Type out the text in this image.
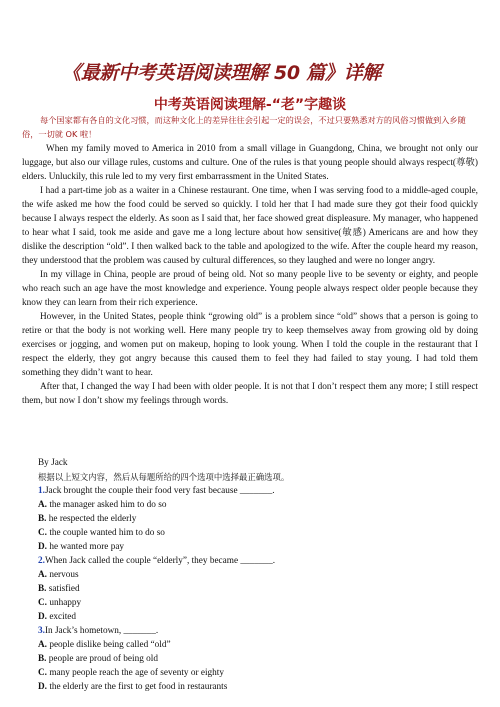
《最新中考英语阅读理解 50 篇》详解
中考英语阅读理解-“老”字趣谈

每个国家都有各自的文化习惯，而这种文化上的差异往往会引起一定的误会，不过只要熟悉对方的风俗习惯做到入乡随俗，一切就 OK 啦！

When my family moved to America in 2010 from a small village in Guangdong, China, we brought not only our luggage, but also our village rules, customs and culture. One of the rules is that young people should always respect(尊敬) elders. Unluckily, this rule led to my very first embarrassment in the United States.

I had a part-time job as a waiter in a Chinese restaurant. One time, when I was serving food to a middle-aged couple, the wife asked me how the food could be served so quickly. I told her that I had made sure they got their food quickly because I always respect the elderly. As soon as I said that, her face showed great displeasure. My manager, who happened to hear what I said, took me aside and gave me a long lecture about how sensitive(敏感) Americans are and how they dislike the description “old”. I then walked back to the table and apologized to the wife. After the couple heard my reason, they understood that the problem was caused by cultural differences, so they laughed and were no longer angry.

In my village in China, people are proud of being old. Not so many people live to be seventy or eighty, and people who reach such an age have the most knowledge and experience. Young people always respect older people because they know they can learn from their rich experience.

However, in the United States, people think “growing old” is a problem since “old” shows that a person is going to retire or that the body is not working well. Here many people try to keep themselves away from growing old by doing exercises or jogging, and women put on makeup, hoping to look young. When I told the couple in the restaurant that I respect the elderly, they got angry because this caused them to feel they had failed to stay young. I had told them something they didn’t want to hear.

After that, I changed the way I had been with older people. It is not that I don’t respect them any more; I still respect them, but now I don’t show my feelings through words.

By Jack
根据以上短文内容，然后从每题所给的四个选项中选择最正确选项。
1.Jack brought the couple their food very fast because _______.
A. the manager asked him to do so
B. he respected the elderly
C. the couple wanted him to do so
D. he wanted more pay
2.When Jack called the couple “elderly”, they became _______.
A. nervous
B. satisfied
C. unhappy
D. excited
3.In Jack’s hometown, _______.
A. people dislike being called “old”
B. people are proud of being old
C. many people reach the age of seventy or eighty
D. the elderly are the first to get food in restaurants
